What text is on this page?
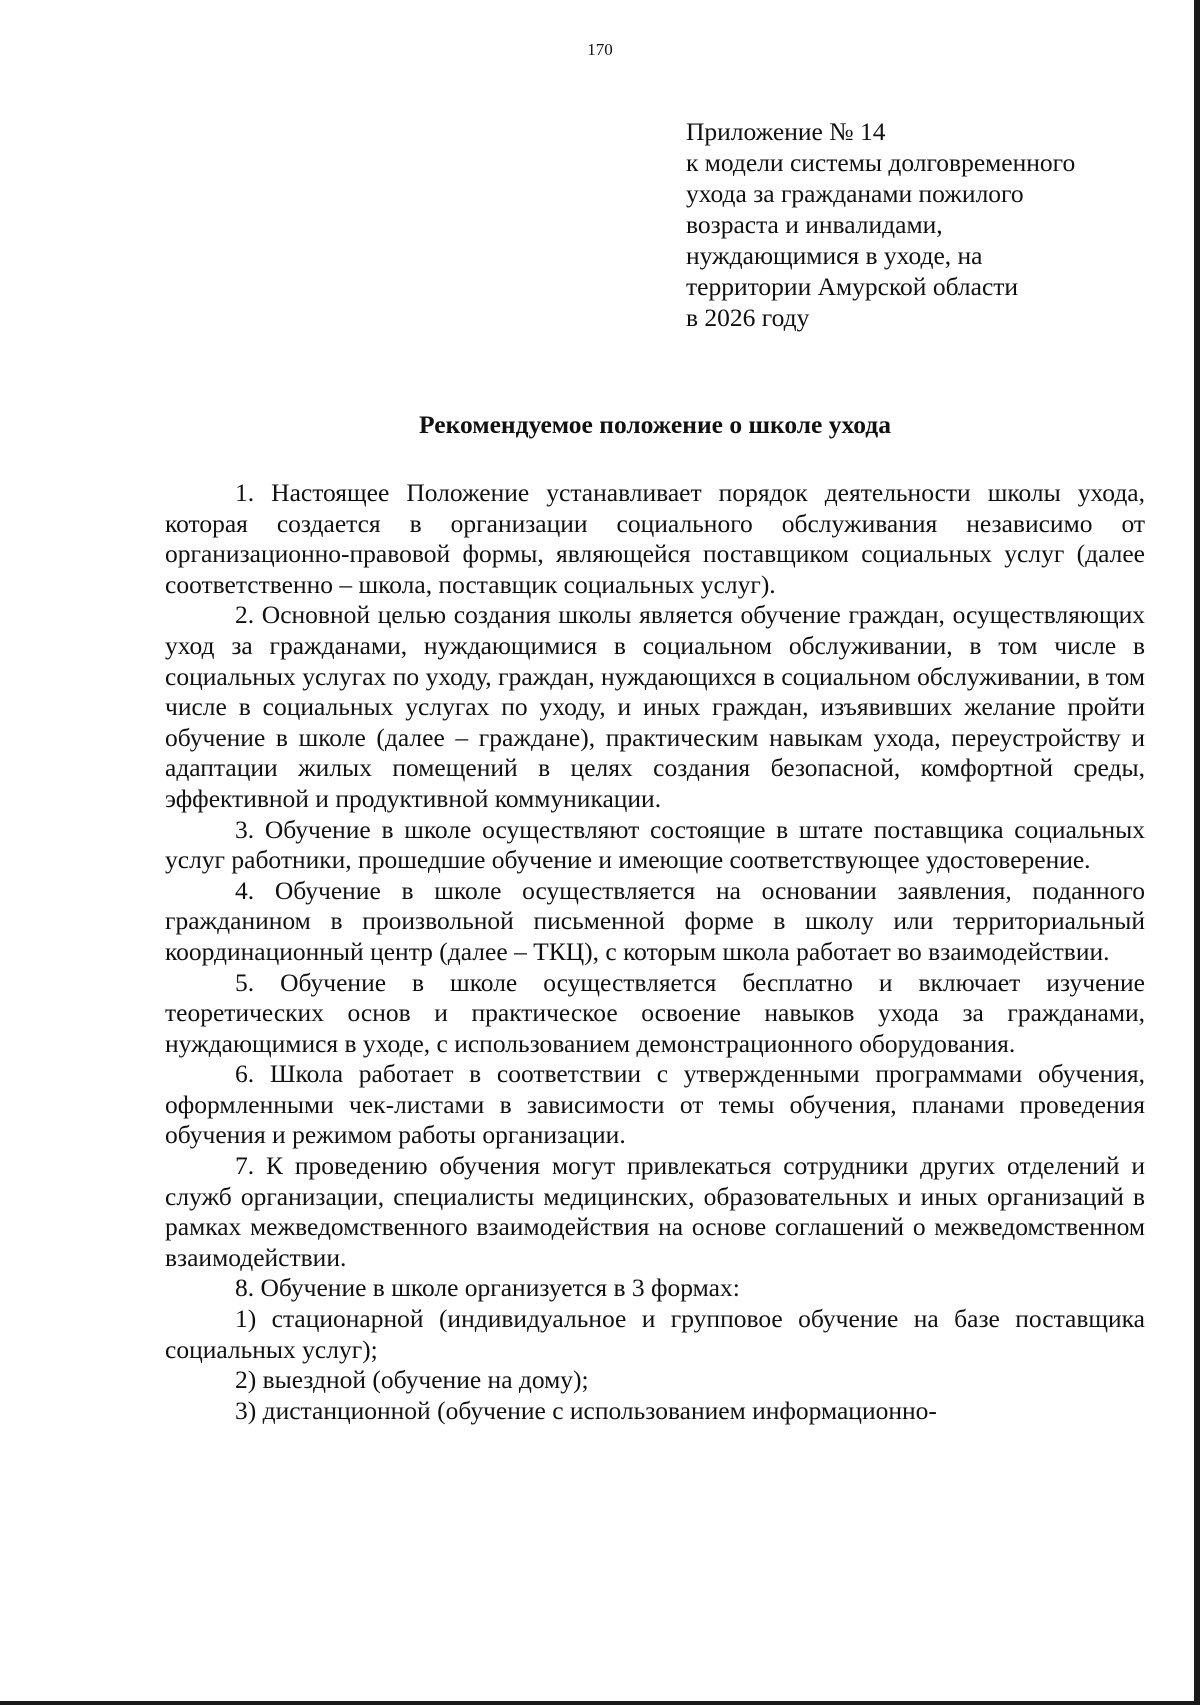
170
Приложение № 14
к модели системы долговременного
ухода за гражданами пожилого
возраста и инвалидами,
нуждающимися в уходе, на
территории Амурской области
в 2026 году
Рекомендуемое положение о школе ухода

1. Настоящее Положение устанавливает порядок деятельности школы ухода, которая создается в организации социального обслуживания независимо от организационно-правовой формы, являющейся поставщиком социальных услуг (далее соответственно – школа, поставщик социальных услуг).

2. Основной целью создания школы является обучение граждан, осуществляющих уход за гражданами, нуждающимися в социальном обслуживании, в том числе в социальных услугах по уходу, граждан, нуждающихся в социальном обслуживании, в том числе в социальных услугах по уходу, и иных граждан, изъявивших желание пройти обучение в школе (далее – граждане), практическим навыкам ухода, переустройству и адаптации жилых помещений в целях создания безопасной, комфортной среды, эффективной и продуктивной коммуникации.

3. Обучение в школе осуществляют состоящие в штате поставщика социальных услуг работники, прошедшие обучение и имеющие соответствующее удостоверение.

4. Обучение в школе осуществляется на основании заявления, поданного гражданином в произвольной письменной форме в школу или территориальный координационный центр (далее – ТКЦ), с которым школа работает во взаимодействии.

5. Обучение в школе осуществляется бесплатно и включает изучение теоретических основ и практическое освоение навыков ухода за гражданами, нуждающимися в уходе, с использованием демонстрационного оборудования.

6. Школа работает в соответствии с утвержденными программами обучения, оформленными чек-листами в зависимости от темы обучения, планами проведения обучения и режимом работы организации.

7. К проведению обучения могут привлекаться сотрудники других отделений и служб организации, специалисты медицинских, образовательных и иных организаций в рамках межведомственного взаимодействия на основе соглашений о межведомственном взаимодействии.

8. Обучение в школе организуется в 3 формах:

1) стационарной (индивидуальное и групповое обучение на базе поставщика социальных услуг);

2) выездной (обучение на дому);

3) дистанционной (обучение с использованием информационно-
